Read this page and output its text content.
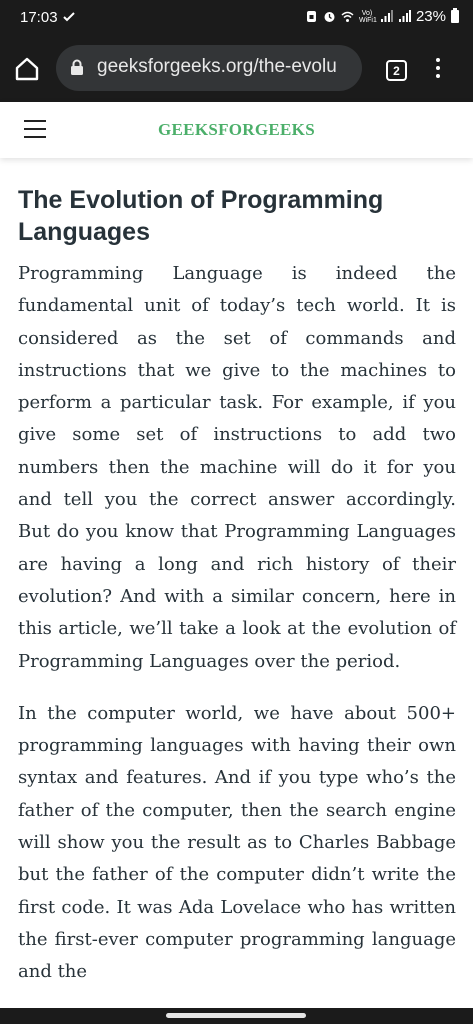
17:03	Vo) WiFi1	23%
geeksforgeeks.org/the-evolu	2
GEEKSFORGEEKS
The Evolution of Programming Languages

Programming Language is indeed the fundamental unit of today’s tech world. It is considered as the set of commands and instructions that we give to the machines to perform a particular task. For example, if you give some set of instructions to add two numbers then the machine will do it for you and tell you the correct answer accordingly. But do you know that Programming Languages are having a long and rich history of their evolution? And with a similar concern, here in this article, we’ll take a look at the evolution of Programming Languages over the period.

In the computer world, we have about 500+ programming languages with having their own syntax and features. And if you type who’s the father of the computer, then the search engine will show you the result as to Charles Babbage but the father of the computer didn’t write the first code. It was Ada Lovelace who has written the first-ever computer programming language and the
